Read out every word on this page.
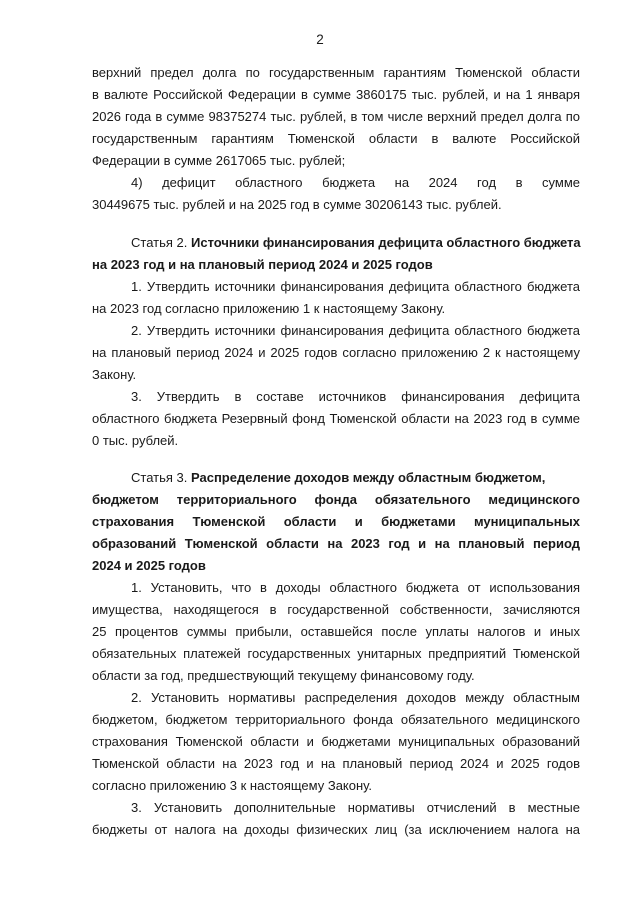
2
верхний предел долга по государственным гарантиям Тюменской области
в валюте Российской Федерации в сумме 3860175 тыс. рублей, и на 1 января
2026 года в сумме 98375274 тыс. рублей, в том числе верхний предел долга по
государственным гарантиям Тюменской области в валюте Российской
Федерации в сумме 2617065 тыс. рублей;
4) дефицит областного бюджета на 2024 год в сумме
30449675 тыс. рублей и на 2025 год в сумме 30206143 тыс. рублей.
Статья 2. Источники финансирования дефицита областного бюджета
на 2023 год и на плановый период 2024 и 2025 годов
1. Утвердить источники финансирования дефицита областного бюджета
на 2023 год согласно приложению 1 к настоящему Закону.
2. Утвердить источники финансирования дефицита областного бюджета
на плановый период 2024 и 2025 годов согласно приложению 2 к настоящему
Закону.
3. Утвердить в составе источников финансирования дефицита
областного бюджета Резервный фонд Тюменской области на 2023 год в сумме
0 тыс. рублей.
Статья 3. Распределение доходов между областным бюджетом,
бюджетом территориального фонда обязательного медицинского
страхования Тюменской области и бюджетами муниципальных
образований Тюменской области на 2023 год и на плановый период
2024 и 2025 годов
1. Установить, что в доходы областного бюджета от использования
имущества, находящегося в государственной собственности, зачисляются
25 процентов суммы прибыли, оставшейся после уплаты налогов и иных
обязательных платежей государственных унитарных предприятий Тюменской
области за год, предшествующий текущему финансовому году.
2. Установить нормативы распределения доходов между областным
бюджетом, бюджетом территориального фонда обязательного медицинского
страхования Тюменской области и бюджетами муниципальных образований
Тюменской области на 2023 год и на плановый период 2024 и 2025 годов
согласно приложению 3 к настоящему Закону.
3. Установить дополнительные нормативы отчислений в местные
бюджеты от налога на доходы физических лиц (за исключением налога на
